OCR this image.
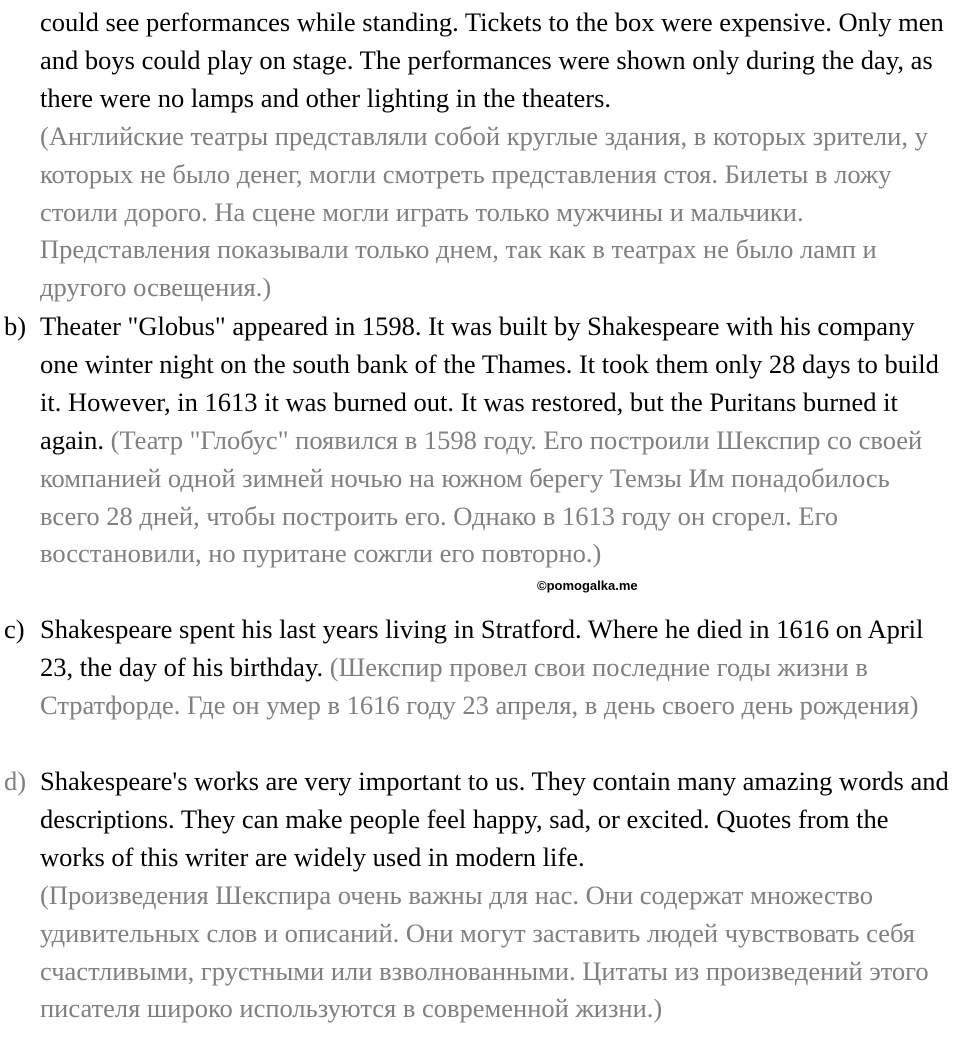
could see performances while standing. Tickets to the box were expensive. Only men and boys could play on stage. The performances were shown only during the day, as there were no lamps and other lighting in the theaters.
(Английские театры представляли собой круглые здания, в которых зрители, у которых не было денег, могли смотреть представления стоя. Билеты в ложу стоили дорого. На сцене могли играть только мужчины и мальчики. Представления показывали только днем, так как в театрах не было ламп и другого освещения.)

b) Theater "Globus" appeared in 1598. It was built by Shakespeare with his company one winter night on the south bank of the Thames. It took them only 28 days to build it. However, in 1613 it was burned out. It was restored, but the Puritans burned it again. (Театр "Глобус" появился в 1598 году. Его построили Шекспир со своей компанией одной зимней ночью на южном берегу Темзы Им понадобилось всего 28 дней, чтобы построить его. Однако в 1613 году он сгорел. Его восстановили, но пуритане сожгли его повторно.)

©pomogalka.me
c) Shakespeare spent his last years living in Stratford. Where he died in 1616 on April 23, the day of his birthday. (Шекспир провел свои последние годы жизни в Стратфорде. Где он умер в 1616 году 23 апреля, в день своего день рождения)

d) Shakespeare's works are very important to us. They contain many amazing words and descriptions. They can make people feel happy, sad, or excited. Quotes from the works of this writer are widely used in modern life.
(Произведения Шекспира очень важны для нас. Они содержат множество удивительных слов и описаний. Они могут заставить людей чувствовать себя счастливыми, грустными или взволнованными. Цитаты из произведений этого писателя широко используются в современной жизни.)
